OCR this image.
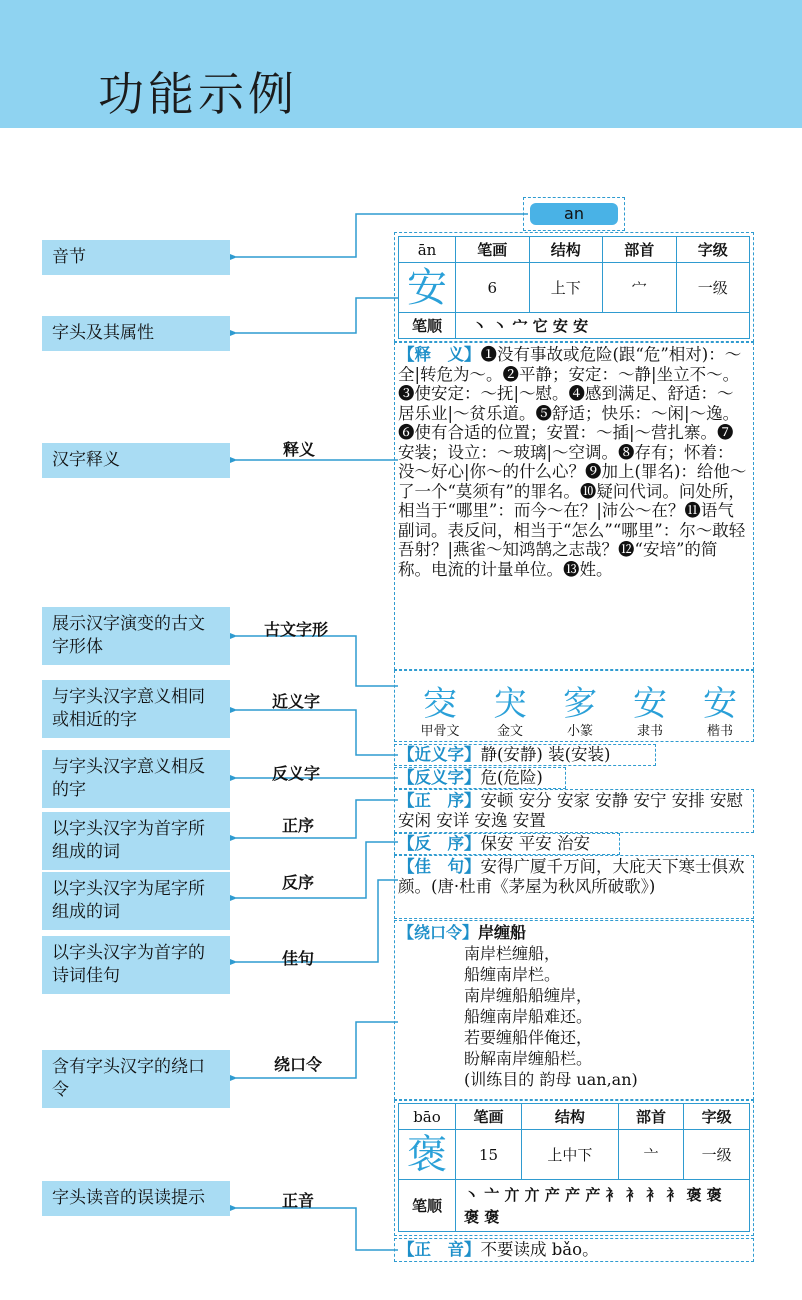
功能示例
音节
字头及其属性
汉字释义
展示汉字演变的古文字形体
与字头汉字意义相同或相近的字
与字头汉字意义相反的字
以字头汉字为首字所组成的词
以字头汉字为尾字所组成的词
以字头汉字为首字的诗词佳句
含有字头汉字的绕口令
字头读音的误读提示
释义
古文字形
近义字
反义字
正序
反序
佳句
绕口令
正音
an
ān	笔画	结构	部首	字级
安	6	上下	宀	一级
笔顺	丶 丶 宀 它 安 安			
【释　义】❶没有事故或危险(跟“危”相对)：～全|转危为～。❷平静；安定：～静|坐立不～。❸使安定：～抚|～慰。❹感到满足、舒适：～居乐业|～贫乐道。❺舒适；快乐：～闲|～逸。❻使有合适的位置；安置：～插|～营扎寨。❼安装；设立：～玻璃|～空调。❽存有；怀着：没～好心|你～的什么心？❾加上(罪名)：给他～了一个“莫须有”的罪名。❿疑问代词。问处所，相当于“哪里”：而今～在？|沛公～在？⓫语气副词。表反问，相当于“怎么”“哪里”：尔～敢轻吾射？|燕雀～知鸿鹄之志哉？⓬“安培”的简称。电流的计量单位。⓭姓。
㝔	宊	㝖	安	安
甲骨文	金文	小篆	隶书	楷书
【近义字】静(安静) 装(安装)
【反义字】危(危险)
【正　序】安顿 安分 安家 安静 安宁 安排 安慰 安闲 安详 安逸 安置
【反　序】保安 平安 治安
【佳　句】安得广厦千万间，大庇天下寒士俱欢颜。(唐·杜甫《茅屋为秋风所破歌》)
【绕口令】岸缠船
南岸栏缠船，
船缠南岸栏。
南岸缠船船缠岸，
船缠南岸船难还。
若要缠船伴俺还，
盼解南岸缠船栏。
(训练目的 韵母 uan,an)
bāo	笔画	结构	部首	字级
褒	15	上中下	亠	一级
笔顺	丶 亠 亣 亣 产 产 产 衤 衤 衤 衤 褒 褒 褒 褒			
【正　音】不要读成 bǎo。
